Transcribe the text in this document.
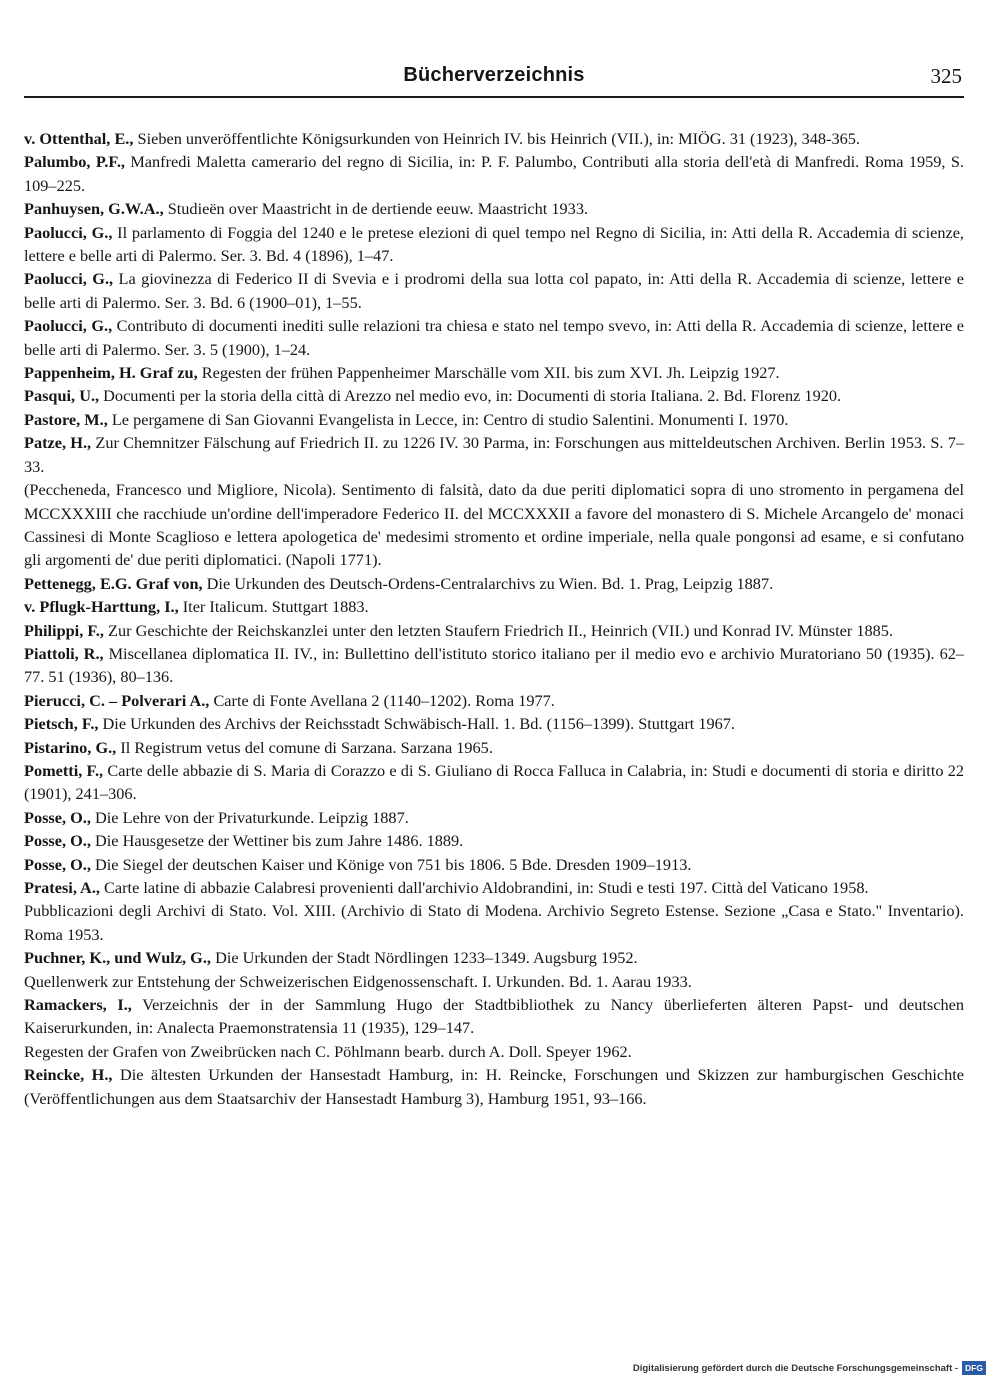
Bücherverzeichnis	325
v. Ottenthal, E., Sieben unveröffentlichte Königsurkunden von Heinrich IV. bis Heinrich (VII.), in: MIÖG. 31 (1923), 348-365.
Palumbo, P.F., Manfredi Maletta camerario del regno di Sicilia, in: P. F. Palumbo, Contributi alla storia dell'età di Manfredi. Roma 1959, S. 109–225.
Panhuysen, G.W.A., Studieën over Maastricht in de dertiende eeuw. Maastricht 1933.
Paolucci, G., Il parlamento di Foggia del 1240 e le pretese elezioni di quel tempo nel Regno di Sicilia, in: Atti della R. Accademia di scienze, lettere e belle arti di Palermo. Ser. 3. Bd. 4 (1896), 1–47.
Paolucci, G., La giovinezza di Federico II di Svevia e i prodromi della sua lotta col papato, in: Atti della R. Accademia di scienze, lettere e belle arti di Palermo. Ser. 3. Bd. 6 (1900–01), 1–55.
Paolucci, G., Contributo di documenti inediti sulle relazioni tra chiesa e stato nel tempo svevo, in: Atti della R. Accademia di scienze, lettere e belle arti di Palermo. Ser. 3. 5 (1900), 1–24.
Pappenheim, H. Graf zu, Regesten der frühen Pappenheimer Marschälle vom XII. bis zum XVI. Jh. Leipzig 1927.
Pasqui, U., Documenti per la storia della città di Arezzo nel medio evo, in: Documenti di storia Italiana. 2. Bd. Florenz 1920.
Pastore, M., Le pergamene di San Giovanni Evangelista in Lecce, in: Centro di studio Salentini. Monumenti I. 1970.
Patze, H., Zur Chemnitzer Fälschung auf Friedrich II. zu 1226 IV. 30 Parma, in: Forschungen aus mitteldeutschen Archiven. Berlin 1953. S. 7–33.
(Peccheneda, Francesco und Migliore, Nicola). Sentimento di falsità, dato da due periti diplomatici sopra di uno stromento in pergamena del MCCXXXIII che racchiude un'ordine dell'imperadore Federico II. del MCCXXXII a favore del monastero di S. Michele Arcangelo de' monaci Cassinesi di Monte Scaglioso e lettera apologetica de' medesimi stromento et ordine imperiale, nella quale pongonsi ad esame, e si confutano gli argomenti de' due periti diplomatici. (Napoli 1771).
Pettenegg, E.G. Graf von, Die Urkunden des Deutsch-Ordens-Centralarchivs zu Wien. Bd. 1. Prag, Leipzig 1887.
v. Pflugk-Harttung, I., Iter Italicum. Stuttgart 1883.
Philippi, F., Zur Geschichte der Reichskanzlei unter den letzten Staufern Friedrich II., Heinrich (VII.) und Konrad IV. Münster 1885.
Piattoli, R., Miscellanea diplomatica II. IV., in: Bullettino dell'istituto storico italiano per il medio evo e archivio Muratoriano 50 (1935). 62–77. 51 (1936), 80–136.
Pierucci, C. – Polverari A., Carte di Fonte Avellana 2 (1140–1202). Roma 1977.
Pietsch, F., Die Urkunden des Archivs der Reichsstadt Schwäbisch-Hall. 1. Bd. (1156–1399). Stuttgart 1967.
Pistarino, G., Il Registrum vetus del comune di Sarzana. Sarzana 1965.
Pometti, F., Carte delle abbazie di S. Maria di Corazzo e di S. Giuliano di Rocca Falluca in Calabria, in: Studi e documenti di storia e diritto 22 (1901), 241–306.
Posse, O., Die Lehre von der Privaturkunde. Leipzig 1887.
Posse, O., Die Hausgesetze der Wettiner bis zum Jahre 1486. 1889.
Posse, O., Die Siegel der deutschen Kaiser und Könige von 751 bis 1806. 5 Bde. Dresden 1909–1913.
Pratesi, A., Carte latine di abbazie Calabresi provenienti dall'archivio Aldobrandini, in: Studi e testi 197. Città del Vaticano 1958.
Pubblicazioni degli Archivi di Stato. Vol. XIII. (Archivio di Stato di Modena. Archivio Segreto Estense. Sezione „Casa e Stato." Inventario). Roma 1953.
Puchner, K., und Wulz, G., Die Urkunden der Stadt Nördlingen 1233–1349. Augsburg 1952.
Quellenwerk zur Entstehung der Schweizerischen Eidgenossenschaft. I. Urkunden. Bd. 1. Aarau 1933.
Ramackers, I., Verzeichnis der in der Sammlung Hugo der Stadtbibliothek zu Nancy überlieferten älteren Papst- und deutschen Kaiserurkunden, in: Analecta Praemonstratensia 11 (1935), 129–147.
Regesten der Grafen von Zweibrücken nach C. Pöhlmann bearb. durch A. Doll. Speyer 1962.
Reincke, H., Die ältesten Urkunden der Hansestadt Hamburg, in: H. Reincke, Forschungen und Skizzen zur hamburgischen Geschichte (Veröffentlichungen aus dem Staatsarchiv der Hansestadt Hamburg 3), Hamburg 1951, 93–166.
Digitalisierung gefördert durch die Deutsche Forschungsgemeinschaft - DFG
